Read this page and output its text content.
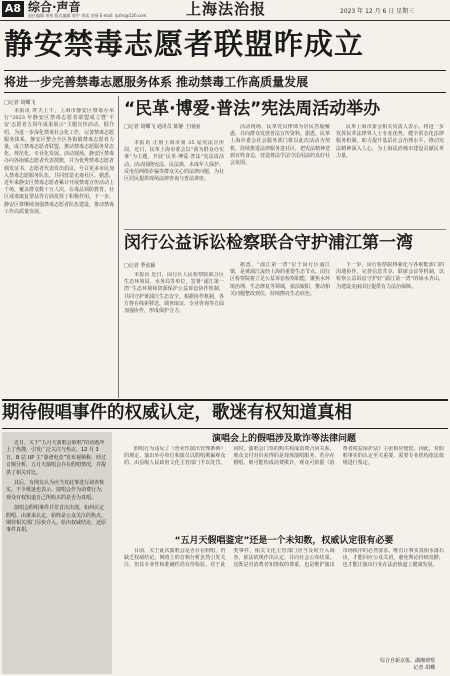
A8 综合·声音
责任编辑 周伟 版式编辑 郭宇 审读 宋扬 E-mail: lyzhs@126.com	上海法治报	2023 年 12 月 6 日 星期三
静安禁毒志愿者联盟昨成立
将进一步完善禁毒志愿服务体系 推动禁毒工作高质量发展
□记者 胡蝶飞
本报讯 昨天上午，上海市静安区禁毒办举行“2023 年静安区禁毒志愿者联盟成立暨‘平安’志愿者五周年成果展示”主题宣传活动。据介绍，为进一步深化禁毒社会化工作，完善禁毒志愿服务体系，静安区整合全区各街镇禁毒志愿者力量，成立禁毒志愿者联盟，推动禁毒志愿服务常态化、规范化、专业化发展。活动现场，静安区禁毒办向各街镇志愿者代表授旗，并为优秀禁毒志愿者颁发证书。志愿者代表发出倡议，号召更多市民加入禁毒志愿服务队伍，共同营造无毒社区。据悉，近年来静安区禁毒志愿者累计开展禁毒宣传活动上千场，覆盖群众数十万人次，在毒品预防教育、社区戒毒康复帮扶等方面发挥了积极作用。下一步，静安区将继续加强禁毒志愿者队伍建设，推动禁毒工作高质量发展。
“民革·博爱·普法”宪法周活动举办
□记者 胡蝶飞 通讯员 陈静 王丽丽
本报讯 正值上海市第 35 届宪法宣传周，近日，民革上海市委会以“我为群众办实事”为主题，开展“民革·博爱·普法”宪法周活动。活动围绕宪法、民法典、未成年人保护、反电信网络诈骗等群众关心的法律问题，为社区居民提供现场法律咨询与普法讲座。
活动现场，民革党员律师为居民答疑解惑，并向群众发放普法宣传资料。据悉，民革上海市委会社会服务部门将以此次活动为契机，持续推进法律服务进社区，把宪法精神送到百姓身边，营造尊法学法守法用法的良好社会氛围。
民革上海市委会相关负责人表示，将进一步发挥民革法律界人士专业优势，健全常态化法律服务机制，助力提升基层社会治理水平，推动宪法精神深入人心，为上海法治城市建设贡献民革力量。
闵行公益诉讼检察联合守护浦江第一湾
□记者 季张颖
本报讯 近日，闵行区人民检察院联合区生态环境局、水务局等单位，签署“浦江第一湾”生态环境和资源保护公益诉讼协作机制，共同守护黄浦江生态安全。根据协作机制，各方将在线索移送、调查取证、专业咨询等方面加强协作，形成保护合力。
据悉，“浦江第一湾”位于闵行区浦江镇，是黄浦江流经上海的重要生态节点。闵行区检察院将立足公益诉讼检察职能，聚焦水环境治理、生态修复等领域，依法履职，推动相关问题整改到位，持续擦亮生态底色。
下一步，闵行检察院将强化与各职能部门的沟通协作，完善信息共享、联席会议等机制，以检察公益诉讼守护好“浦江第一湾”的绿水青山，为建设美丽闵行提供有力法治保障。
期待假唱事件的权威认定，歌迷有权知道真相

近日，关于“五月天演唱会假唱”的话题冲上了热搜，引发广泛关注与热议。12 月 3 日，B 站 UP 主“靠谱电竞”发布视频称，经过音频分析，五月天演唱会存在假唱情况，并提供了相关对比。

其后，有网友认为应当对此事进行调查核实，不少歌迷也表示，演唱会作为消费行为，观众有权知道自己所购买的是否为真唱。

演唱会假唱事件并非首次出现，如何认定假唱、由谁来认定，始终是公众关注的焦点。期待相关部门尽快介入，给出权威结论，还原事件真相。

演唱会上的假唱涉及欺诈等法律问题
假唱行为违反了《营业性演出管理条例》的规定，演出举办单位和演员以假唱欺骗观众的，由县级人民政府文化主管部门予以处罚。同时，演唱会门票的购买构成消费合同关系，观众支付对价获得的是现场演唱服务，若存在假唱，则可能构成消费欺诈，观众可依据《消费者权益保护法》主张相应赔偿。因此，对假唱事实的认定至关重要，需要专业机构依法依规进行鉴定。
“五月天假唱鉴定”还是一个未知数，权威认定很有必要
目前，关于此次演唱会是否存在假唱，仍缺乏权威结论。网络上的音频分析虽然引发关注，但其专业性和准确性尚有待检验。对于此类事件，相关文化主管部门应当及时介入调查，依法依规作出认定，并向社会公布结果。这既是对消费者知情权的尊重，也是维护演出市场秩序的必然要求。唯有让事实真相水落石出，才能回应公众关切，避免舆论持续发酵，也才能让演出行业在法治轨道上健康发展。
综合自新京报、湖湘观察
记者 胡蝶
